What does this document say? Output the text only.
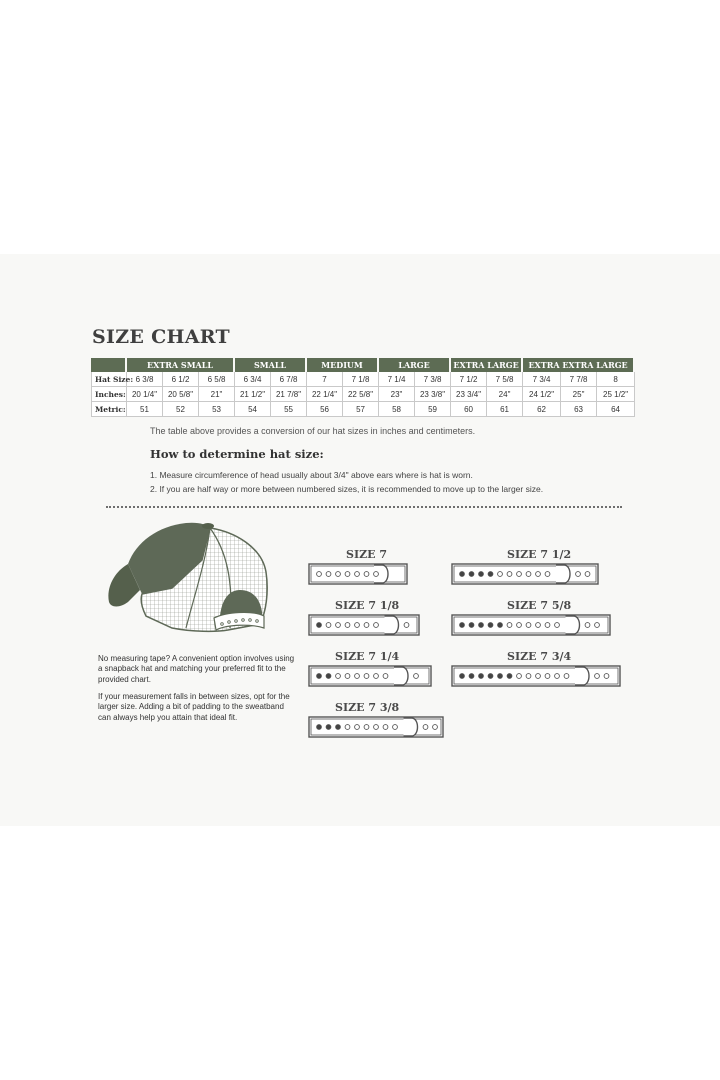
SIZE CHART
	EXTRA SMALL			SMALL		MEDIUM		LARGE		EXTRA LARGE		EXTRA EXTRA LARGE		
Hat Size:	6 3/8	6 1/2	6 5/8	6 3/4	6 7/8	7	7 1/8	7 1/4	7 3/8	7 1/2	7 5/8	7 3/4	7 7/8	8
Inches:	20 1/4"	20 5/8"	21"	21 1/2"	21 7/8"	22 1/4"	22 5/8"	23"	23 3/8"	23 3/4"	24"	24 1/2"	25"	25 1/2"
Metric:	51	52	53	54	55	56	57	58	59	60	61	62	63	64

The table above provides a conversion of our hat sizes in inches and centimeters.

How to determine hat size:
1. Measure circumference of head usually about 3/4" above ears where is hat is worn.
2. If you are half way or more between numbered sizes, it is recommended to move up to the larger size.

No measuring tape? A convenient option involves using a snapback hat and matching your preferred fit to the provided chart.

If your measurement falls in between sizes, opt for the larger size. Adding a bit of padding to the sweatband can always help you attain that ideal fit.

SIZE 7

SIZE 7 1/8

SIZE 7 1/4

SIZE 7 3/8

SIZE 7 1/2

SIZE 7 5/8

SIZE 7 3/4
